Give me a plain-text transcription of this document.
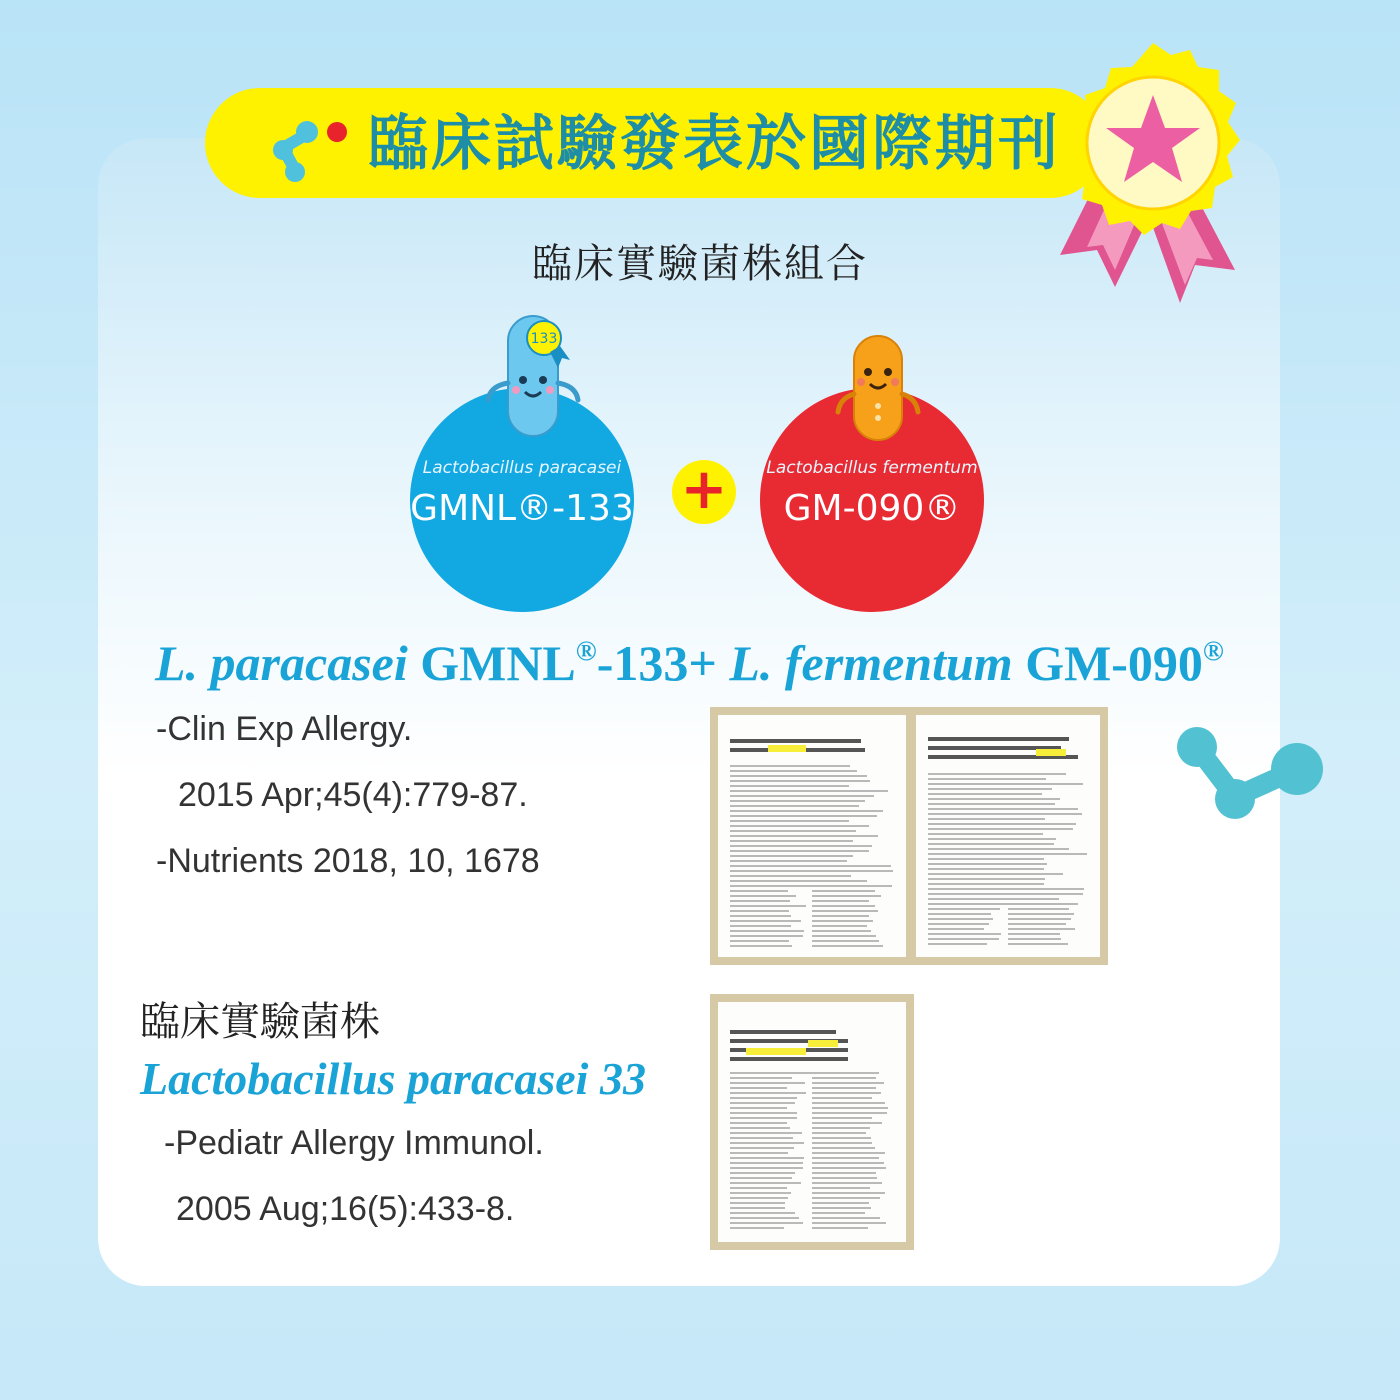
臨床試驗發表於國際期刊
臨床實驗菌株組合
Lactobacillus paracasei
GMNL®-133
133
+	Lactobacillus fermentum
GM-090®
L. paracasei GMNL®-133+ L. fermentum GM-090®
-Clin Exp Allergy.
2015 Apr;45(4):779-87.
-Nutrients 2018, 10, 1678
臨床實驗菌株
Lactobacillus paracasei 33
-Pediatr Allergy Immunol.
2005 Aug;16(5):433-8.
